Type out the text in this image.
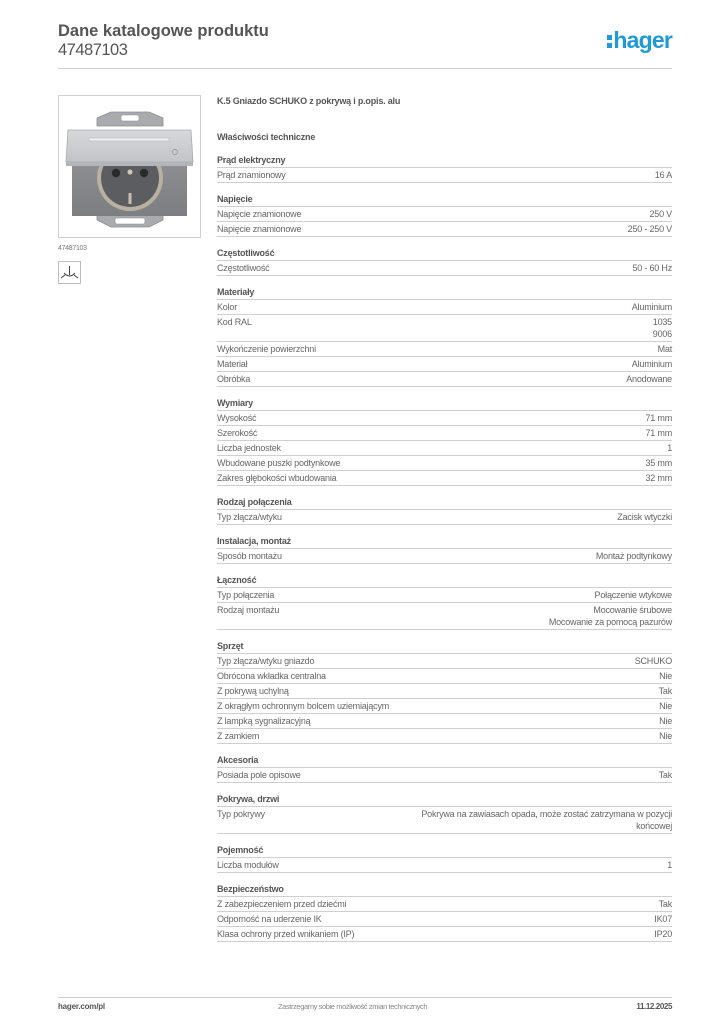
Dane katalogowe produktu
47487103	hager
47487103
K.5 Gniazdo SCHUKO z pokrywą i p.opis. alu
Właściwości techniczne
Prąd elektryczny
Prąd znamionowy	16 A
Napięcie
Napięcie znamionowe	250 V
Napięcie znamionowe	250 - 250 V
Częstotliwość
Częstotliwość	50 - 60 Hz
Materiały
Kolor	Aluminium
Kod RAL	1035
9006
Wykończenie powierzchni	Mat
Materiał	Aluminium
Obróbka	Anodowane
Wymiary
Wysokość	71 mm
Szerokość	71 mm
Liczba jednostek	1
Wbudowane puszki podtynkowe	35 mm
Zakres głębokości wbudowania	32 mm
Rodzaj połączenia
Typ złącza/wtyku	Zacisk wtyczki
Instalacja, montaż
Sposób montażu	Montaż podtynkowy
Łączność
Typ połączenia	Połączenie wtykowe
Rodzaj montażu	Mocowanie śrubowe
Mocowanie za pomocą pazurów
Sprzęt
Typ złącza/wtyku gniazdo	SCHUKO
Obrócona wkładka centralna	Nie
Z pokrywą uchylną	Tak
Z okrągłym ochronnym bolcem uziemiającym	Nie
Z lampką sygnalizacyjną	Nie
Z zamkiem	Nie
Akcesoria
Posiada pole opisowe	Tak
Pokrywa, drzwi
Typ pokrywy	Pokrywa na zawiasach opada, może zostać zatrzymana w pozycji końcowej
Pojemność
Liczba modułów	1
Bezpieczeństwo
Z zabezpieczeniem przed dziećmi	Tak
Odporność na uderzenie IK	IK07
Klasa ochrony przed wnikaniem (IP)	IP20
hager.com/pl	Zastrzegamy sobie możliwość zmian technicznych	11.12.2025
